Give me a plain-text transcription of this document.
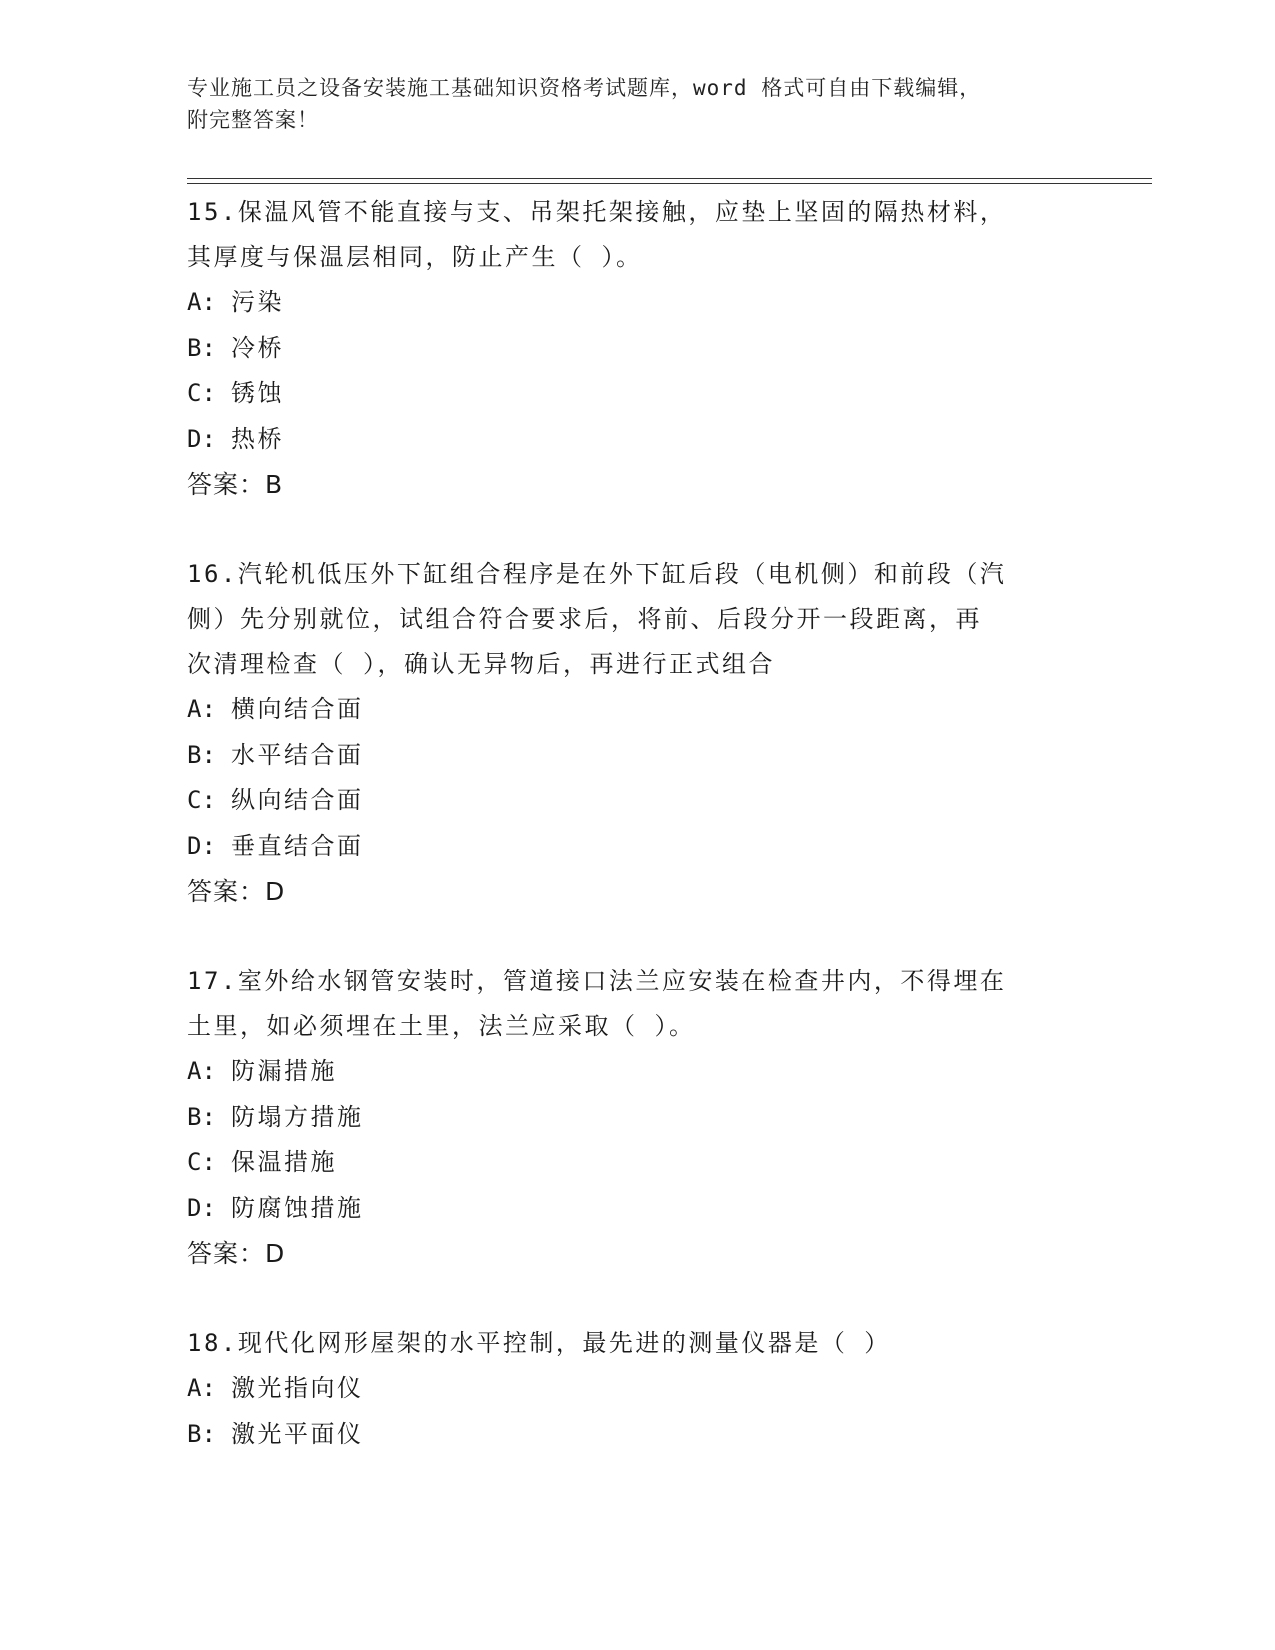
专业施工员之设备安装施工基础知识资格考试题库，word 格式可自由下载编辑，
附完整答案！
15.保温风管不能直接与支、吊架托架接触，应垫上坚固的隔热材料，
其厚度与保温层相同，防止产生（ ）。
A: 污染
B: 冷桥
C: 锈蚀
D: 热桥
答案：B
16.汽轮机低压外下缸组合程序是在外下缸后段（电机侧）和前段（汽
侧）先分别就位，试组合符合要求后，将前、后段分开一段距离，再
次清理检查（ ），确认无异物后，再进行正式组合
A: 横向结合面
B: 水平结合面
C: 纵向结合面
D: 垂直结合面
答案：D
17.室外给水钢管安装时，管道接口法兰应安装在检查井内，不得埋在
土里，如必须埋在土里，法兰应采取（ ）。
A: 防漏措施
B: 防塌方措施
C: 保温措施
D: 防腐蚀措施
答案：D
18.现代化网形屋架的水平控制，最先进的测量仪器是（ ）
A: 激光指向仪
B: 激光平面仪
